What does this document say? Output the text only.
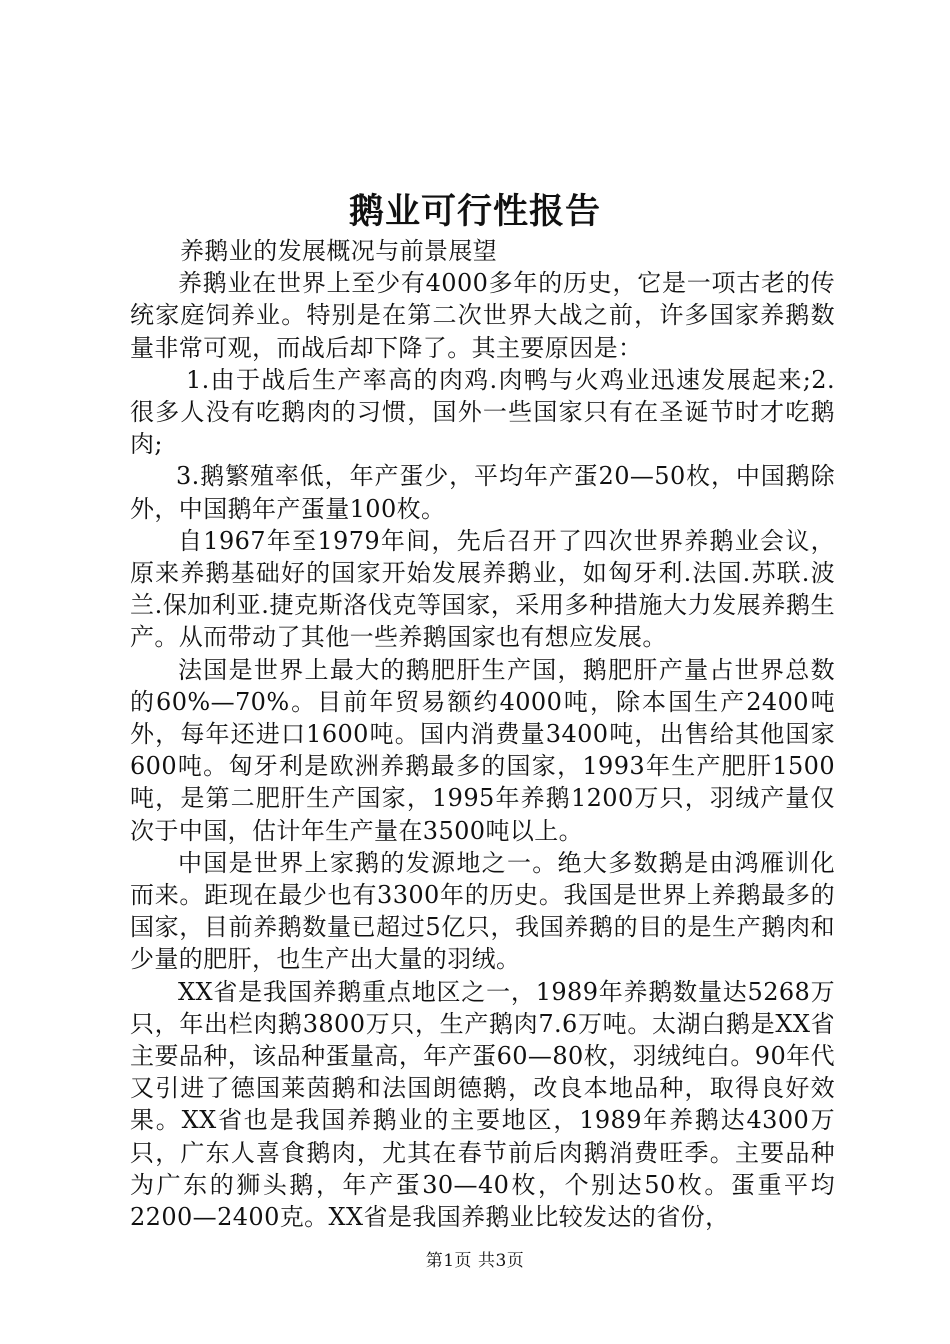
鹅业可行性报告

养鹅业的发展概况与前景展望

养鹅业在世界上至少有4000多年的历史，它是一项古老的传统家庭饲养业。特别是在第二次世界大战之前，许多国家养鹅数量非常可观，而战后却下降了。其主要原因是：

1.由于战后生产率高的肉鸡.肉鸭与火鸡业迅速发展起来;2.很多人没有吃鹅肉的习惯，国外一些国家只有在圣诞节时才吃鹅肉;

3.鹅繁殖率低，年产蛋少，平均年产蛋20—50枚，中国鹅除外，中国鹅年产蛋量100枚。

自1967年至1979年间，先后召开了四次世界养鹅业会议，原来养鹅基础好的国家开始发展养鹅业，如匈牙利.法国.苏联.波兰.保加利亚.捷克斯洛伐克等国家，采用多种措施大力发展养鹅生产。从而带动了其他一些养鹅国家也有想应发展。

法国是世界上最大的鹅肥肝生产国，鹅肥肝产量占世界总数的60%—70%。目前年贸易额约4000吨，除本国生产2400吨外，每年还进口1600吨。国内消费量3400吨，出售给其他国家600吨。匈牙利是欧洲养鹅最多的国家，1993年生产肥肝1500吨，是第二肥肝生产国家，1995年养鹅1200万只，羽绒产量仅次于中国，估计年生产量在3500吨以上。

中国是世界上家鹅的发源地之一。绝大多数鹅是由鸿雁训化而来。距现在最少也有3300年的历史。我国是世界上养鹅最多的国家，目前养鹅数量已超过5亿只，我国养鹅的目的是生产鹅肉和少量的肥肝，也生产出大量的羽绒。

XX省是我国养鹅重点地区之一，1989年养鹅数量达5268万只，年出栏肉鹅3800万只，生产鹅肉7.6万吨。太湖白鹅是XX省主要品种，该品种蛋量高，年产蛋60—80枚，羽绒纯白。90年代又引进了德国莱茵鹅和法国朗德鹅，改良本地品种，取得良好效果。XX省也是我国养鹅业的主要地区，1989年养鹅达4300万只，广东人喜食鹅肉，尤其在春节前后肉鹅消费旺季。主要品种为广东的狮头鹅，年产蛋30—40枚，个别达50枚。蛋重平均2200—2400克。XX省是我国养鹅业比较发达的省份，

第1页 共3页
